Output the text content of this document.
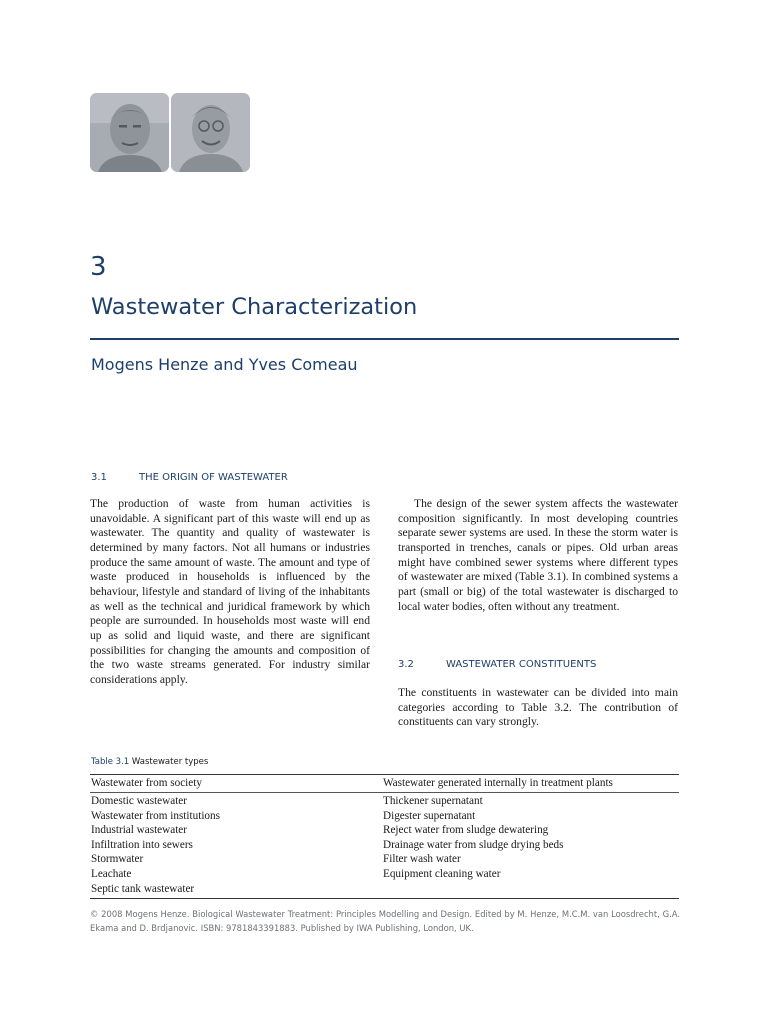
3
Wastewater Characterization
Mogens Henze and Yves Comeau
3.1	THE ORIGIN OF WASTEWATER
The production of waste from human activities is unavoidable. A significant part of this waste will end up as wastewater. The quantity and quality of wastewater is determined by many factors. Not all humans or industries produce the same amount of waste. The amount and type of waste produced in households is influenced by the behaviour, lifestyle and standard of living of the inhabitants as well as the technical and juridical framework by which people are surrounded. In households most waste will end up as solid and liquid waste, and there are significant possibilities for changing the amounts and composition of the two waste streams generated. For industry similar considerations apply.
The design of the sewer system affects the wastewater composition significantly. In most developing countries separate sewer systems are used. In these the storm water is transported in trenches, canals or pipes. Old urban areas might have combined sewer systems where different types of wastewater are mixed (Table 3.1). In combined systems a part (small or big) of the total wastewater is discharged to local water bodies, often without any treatment.
3.2	WASTEWATER CONSTITUENTS
The constituents in wastewater can be divided into main categories according to Table 3.2. The contribution of constituents can vary strongly.
Table 3.1 Wastewater types
Wastewater from society
Domestic wastewater
Wastewater from institutions
Industrial wastewater
Infiltration into sewers
Stormwater
Leachate
Septic tank wastewater
Wastewater generated internally in treatment plants
Thickener supernatant
Digester supernatant
Reject water from sludge dewatering
Drainage water from sludge drying beds
Filter wash water
Equipment cleaning water
© 2008 Mogens Henze. Biological Wastewater Treatment: Principles Modelling and Design. Edited by M. Henze, M.C.M. van Loosdrecht, G.A. Ekama and D. Brdjanovic. ISBN: 9781843391883. Published by IWA Publishing, London, UK.
